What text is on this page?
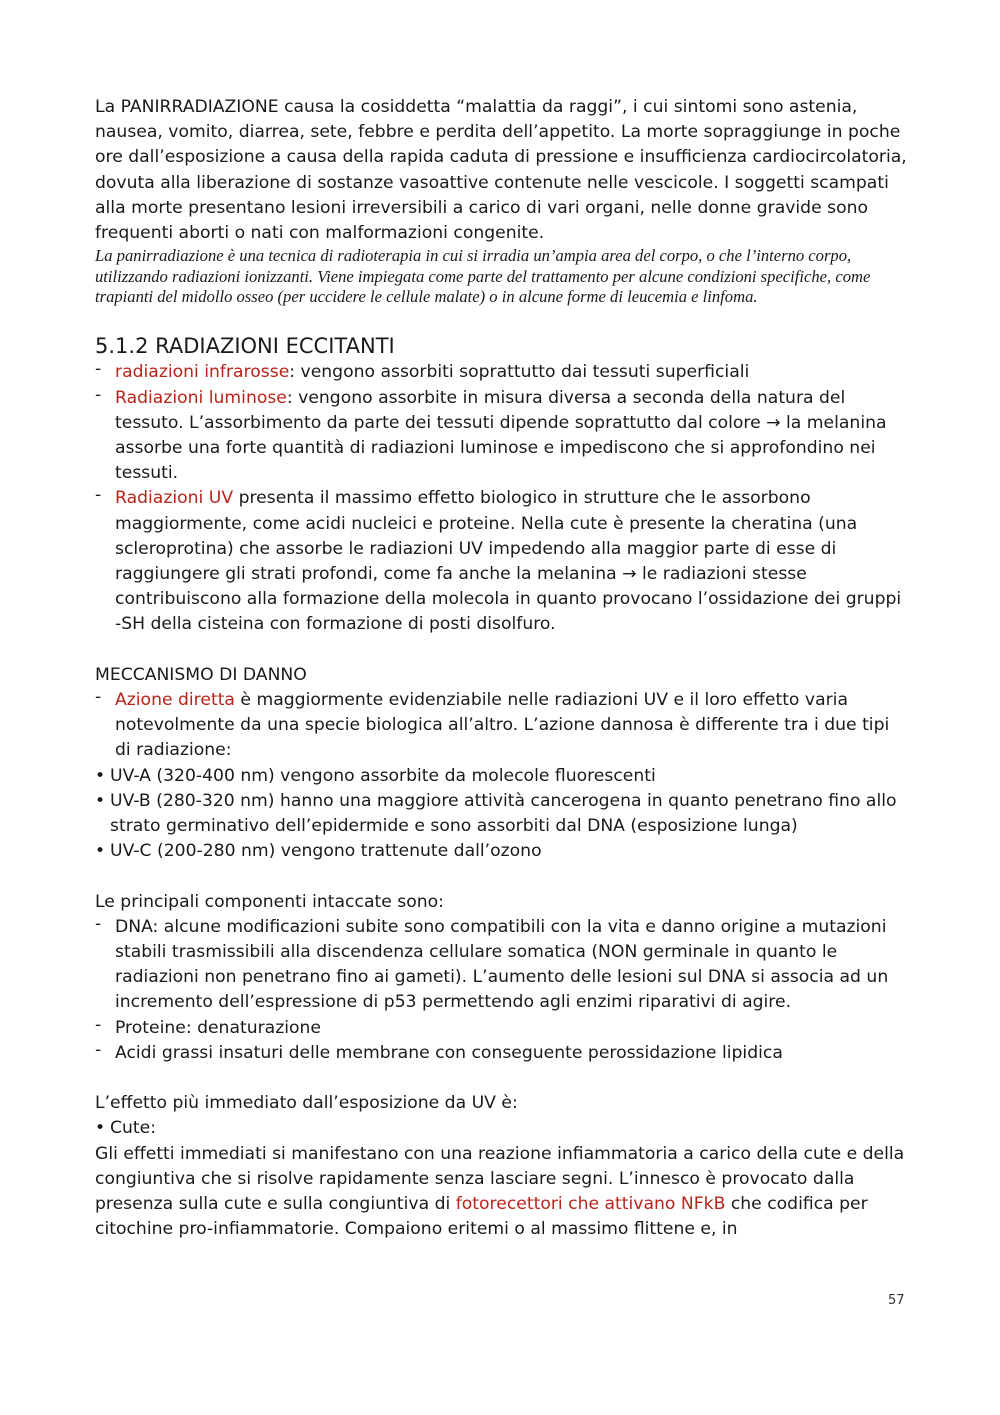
La PANIRRADIAZIONE causa la cosiddetta “malattia da raggi”, i cui sintomi sono astenia, nausea, vomito, diarrea, sete, febbre e perdita dell’appetito. La morte sopraggiunge in poche ore dall’esposizione a causa della rapida caduta di pressione e insufficienza cardiocircolatoria, dovuta alla liberazione di sostanze vasoattive contenute nelle vescicole. I soggetti scampati alla morte presentano lesioni irreversibili a carico di vari organi, nelle donne gravide sono frequenti aborti o nati con malformazioni congenite.

La panirradiazione è una tecnica di radioterapia in cui si irradia un’ampia area del corpo, o che l’interno corpo, utilizzando radiazioni ionizzanti. Viene impiegata come parte del trattamento per alcune condizioni specifiche, come trapianti del midollo osseo (per uccidere le cellule malate) o in alcune forme di leucemia e linfoma.

5.1.2 RADIAZIONI ECCITANTI
-
radiazioni infrarosse: vengono assorbiti soprattutto dai tessuti superficiali
-
Radiazioni luminose: vengono assorbite in misura diversa a seconda della natura del tessuto. L’assorbimento da parte dei tessuti dipende soprattutto dal colore → la melanina assorbe una forte quantità di radiazioni luminose e impediscono che si approfondino nei tessuti.
-
Radiazioni UV presenta il massimo effetto biologico in strutture che le assorbono maggiormente, come acidi nucleici e proteine. Nella cute è presente la cheratina (una scleroprotina) che assorbe le radiazioni UV impedendo alla maggior parte di esse di raggiungere gli strati profondi, come fa anche la melanina → le radiazioni stesse contribuiscono alla formazione della molecola in quanto provocano l’ossidazione dei gruppi -SH della cisteina con formazione di posti disolfuro.

MECCANISMO DI DANNO

-
Azione diretta è maggiormente evidenziabile nelle radiazioni UV e il loro effetto varia notevolmente da una specie biologica all’altro. L’azione dannosa è differente tra i due tipi di radiazione:
• UV-A (320-400 nm) vengono assorbite da molecole fluorescenti
• UV-B (280-320 nm) hanno una maggiore attività cancerogena in quanto penetrano fino allo strato germinativo dell’epidermide e sono assorbiti dal DNA (esposizione lunga)
• UV-C (200-280 nm) vengono trattenute dall’ozono

Le principali componenti intaccate sono:

-
DNA: alcune modificazioni subite sono compatibili con la vita e danno origine a mutazioni stabili trasmissibili alla discendenza cellulare somatica (NON germinale in quanto le radiazioni non penetrano fino ai gameti). L’aumento delle lesioni sul DNA si associa ad un incremento dell’espressione di p53 permettendo agli enzimi riparativi di agire.
-
Proteine: denaturazione
-
Acidi grassi insaturi delle membrane con conseguente perossidazione lipidica

L’effetto più immediato dall’esposizione da UV è:

• Cute:

Gli effetti immediati si manifestano con una reazione infiammatoria a carico della cute e della congiuntiva che si risolve rapidamente senza lasciare segni. L’innesco è provocato dalla presenza sulla cute e sulla congiuntiva di fotorecettori che attivano NFkB che codifica per citochine pro-infiammatorie. Compaiono eritemi o al massimo flittene e, in

57
